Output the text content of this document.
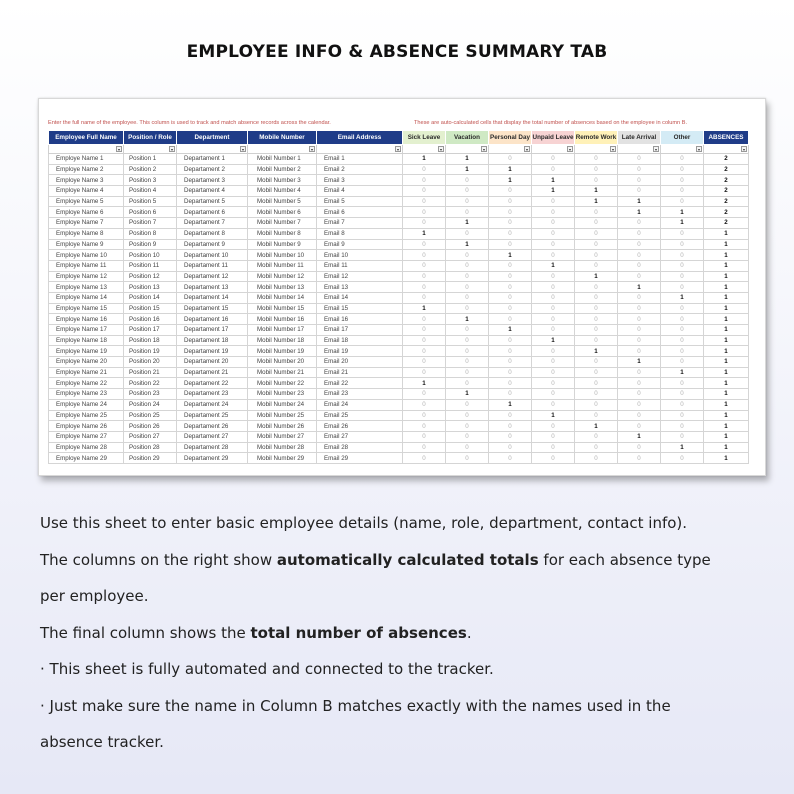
EMPLOYEE INFO & ABSENCE SUMMARY TAB
Enter the full name of the employee. This column is used to track and match absence records across the calendar.	These are auto-calculated cells that display the total number of absences based on the employee in column B.
Employee Full Name	Position / Role	Department	Mobile Number	Email Address	Sick Leave	Vacation	Personal Day	Unpaid Leave	Remote Work	Late Arrival	Other	ABSENCES

▾	▾	▾	▾	▾	▾	▾	▾	▾	▾	▾	▾	▾

Employe Name 1	Position 1	Departament 1	Mobil Number 1	Email 1	1	1	0	0	0	0	0	2
Employe Name 2	Position 2	Departament 2	Mobil Number 2	Email 2	0	1	1	0	0	0	0	2
Employe Name 3	Position 3	Departament 3	Mobil Number 3	Email 3	0	0	1	1	0	0	0	2
Employe Name 4	Position 4	Departament 4	Mobil Number 4	Email 4	0	0	0	1	1	0	0	2
Employe Name 5	Position 5	Departament 5	Mobil Number 5	Email 5	0	0	0	0	1	1	0	2
Employe Name 6	Position 6	Departament 6	Mobil Number 6	Email 6	0	0	0	0	0	1	1	2
Employe Name 7	Position 7	Departament 7	Mobil Number 7	Email 7	0	1	0	0	0	0	1	2
Employe Name 8	Position 8	Departament 8	Mobil Number 8	Email 8	1	0	0	0	0	0	0	1
Employe Name 9	Position 9	Departament 9	Mobil Number 9	Email 9	0	1	0	0	0	0	0	1
Employe Name 10	Position 10	Departament 10	Mobil Number 10	Email 10	0	0	1	0	0	0	0	1
Employe Name 11	Position 11	Departament 11	Mobil Number 11	Email 11	0	0	0	1	0	0	0	1
Employe Name 12	Position 12	Departament 12	Mobil Number 12	Email 12	0	0	0	0	1	0	0	1
Employe Name 13	Position 13	Departament 13	Mobil Number 13	Email 13	0	0	0	0	0	1	0	1
Employe Name 14	Position 14	Departament 14	Mobil Number 14	Email 14	0	0	0	0	0	0	1	1
Employe Name 15	Position 15	Departament 15	Mobil Number 15	Email 15	1	0	0	0	0	0	0	1
Employe Name 16	Position 16	Departament 16	Mobil Number 16	Email 16	0	1	0	0	0	0	0	1
Employe Name 17	Position 17	Departament 17	Mobil Number 17	Email 17	0	0	1	0	0	0	0	1
Employe Name 18	Position 18	Departament 18	Mobil Number 18	Email 18	0	0	0	1	0	0	0	1
Employe Name 19	Position 19	Departament 19	Mobil Number 19	Email 19	0	0	0	0	1	0	0	1
Employe Name 20	Position 20	Departament 20	Mobil Number 20	Email 20	0	0	0	0	0	1	0	1
Employe Name 21	Position 21	Departament 21	Mobil Number 21	Email 21	0	0	0	0	0	0	1	1
Employe Name 22	Position 22	Departament 22	Mobil Number 22	Email 22	1	0	0	0	0	0	0	1
Employe Name 23	Position 23	Departament 23	Mobil Number 23	Email 23	0	1	0	0	0	0	0	1
Employe Name 24	Position 24	Departament 24	Mobil Number 24	Email 24	0	0	1	0	0	0	0	1
Employe Name 25	Position 25	Departament 25	Mobil Number 25	Email 25	0	0	0	1	0	0	0	1
Employe Name 26	Position 26	Departament 26	Mobil Number 26	Email 26	0	0	0	0	1	0	0	1
Employe Name 27	Position 27	Departament 27	Mobil Number 27	Email 27	0	0	0	0	0	1	0	1
Employe Name 28	Position 28	Departament 28	Mobil Number 28	Email 28	0	0	0	0	0	0	1	1
Employe Name 29	Position 29	Departament 29	Mobil Number 29	Email 29	0	0	0	0	0	0	0	1

Use this sheet to enter basic employee details (name, role, department, contact info).

The columns on the right show automatically calculated totals for each absence type

per employee.

The final column shows the total number of absences.

· This sheet is fully automated and connected to the tracker.

· Just make sure the name in Column B matches exactly with the names used in the

absence tracker.
